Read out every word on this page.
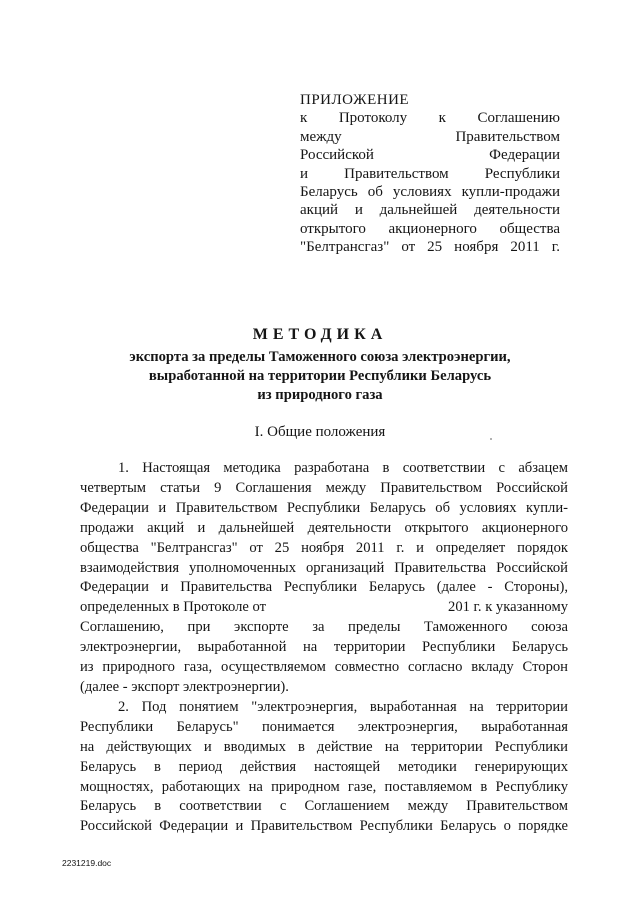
ПРИЛОЖЕНИЕ
к Протоколу к Соглашению
между Правительством
Российской Федерации
и Правительством Республики
Беларусь об условиях купли-продажи
акций и дальнейшей деятельности
открытого акционерного общества
"Белтрансгаз" от 25 ноября 2011 г.
МЕТОДИКА
экспорта за пределы Таможенного союза электроэнергии,
выработанной на территории Республики Беларусь
из природного газа
I. Общие положения
1. Настоящая методика разработана в соответствии с абзацем
четвертым статьи 9 Соглашения между Правительством Российской
Федерации и Правительством Республики Беларусь об условиях купли-
продажи акций и дальнейшей деятельности открытого акционерного
общества "Белтрансгаз" от 25 ноября 2011 г. и определяет порядок
взаимодействия уполномоченных организаций Правительства Российской
Федерации и Правительства Республики Беларусь (далее - Стороны),
определенных в Протоколе от	201 г. к указанному
Соглашению, при экспорте за пределы Таможенного союза
электроэнергии, выработанной на территории Республики Беларусь
из природного газа, осуществляемом совместно согласно вкладу Сторон
(далее - экспорт электроэнергии).
2. Под понятием "электроэнергия, выработанная на территории
Республики Беларусь" понимается электроэнергия, выработанная
на действующих и вводимых в действие на территории Республики
Беларусь в период действия настоящей методики генерирующих
мощностях, работающих на природном газе, поставляемом в Республику
Беларусь в соответствии с Соглашением между Правительством
Российской Федерации и Правительством Республики Беларусь о порядке
2231219.doc
